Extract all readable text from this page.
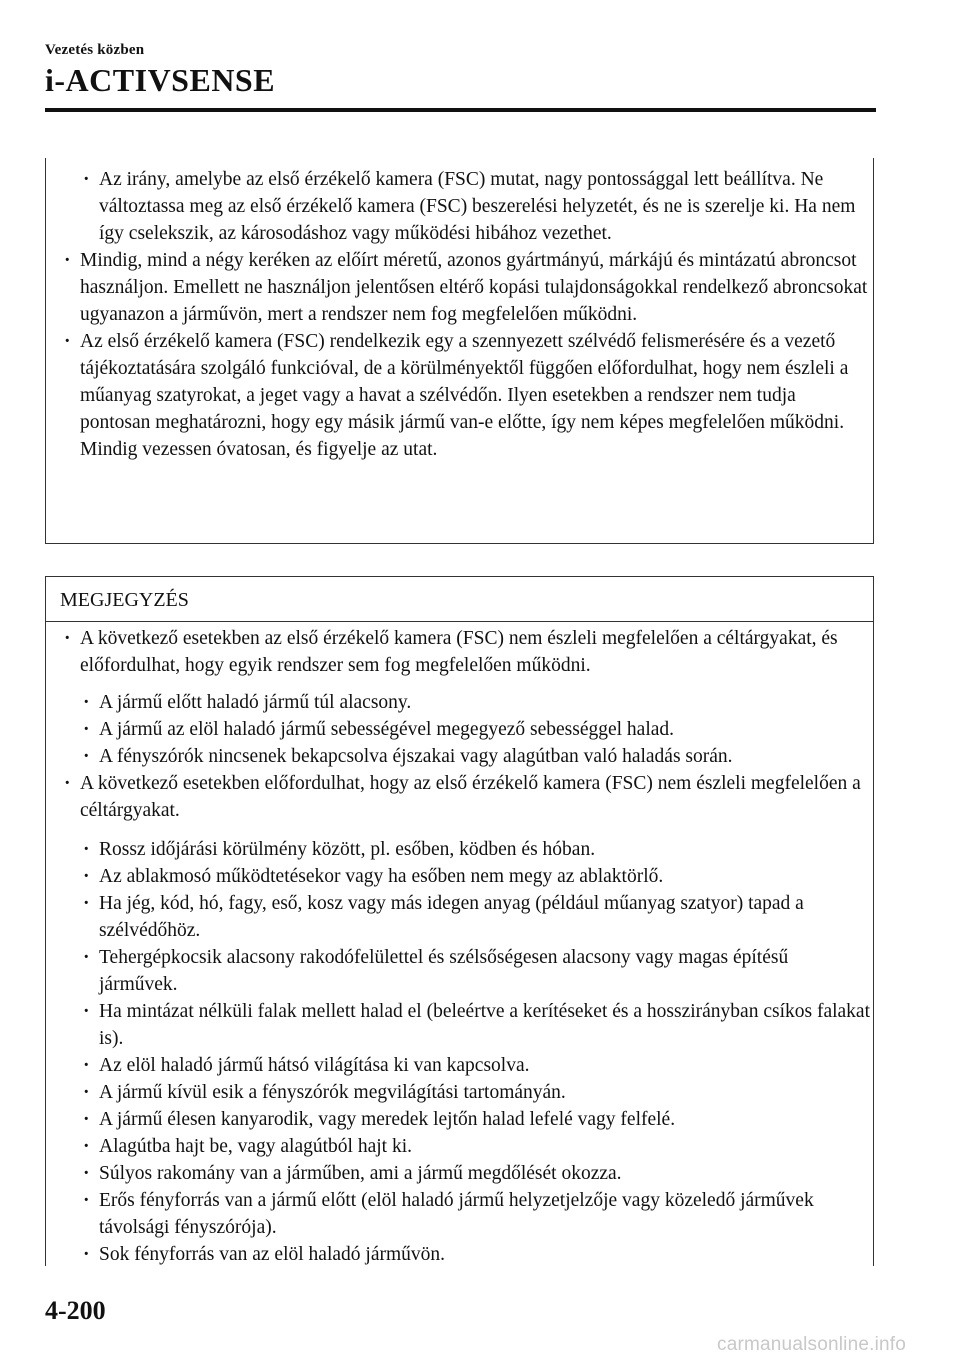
Vezetés közben
i-ACTIVSENSE
· Az irány, amelybe az első érzékelő kamera (FSC) mutat, nagy pontossággal lett beállítva. Ne változtassa meg az első érzékelő kamera (FSC) beszerelési helyzetét, és ne is szerelje ki. Ha nem így cselekszik, az károsodáshoz vagy működési hibához vezethet.
· Mindig, mind a négy keréken az előírt méretű, azonos gyártmányú, márkájú és mintázatú abroncsot használjon. Emellett ne használjon jelentősen eltérő kopási tulajdonságokkal rendelkező abroncsokat ugyanazon a járművön, mert a rendszer nem fog megfelelően működni.
· Az első érzékelő kamera (FSC) rendelkezik egy a szennyezett szélvédő felismerésére és a vezető tájékoztatására szolgáló funkcióval, de a körülményektől függően előfordulhat, hogy nem észleli a műanyag szatyrokat, a jeget vagy a havat a szélvédőn. Ilyen esetekben a rendszer nem tudja pontosan meghatározni, hogy egy másik jármű van-e előtte, így nem képes megfelelően működni. Mindig vezessen óvatosan, és figyelje az utat.
MEGJEGYZÉS
· A következő esetekben az első érzékelő kamera (FSC) nem észleli megfelelően a céltárgyakat, és előfordulhat, hogy egyik rendszer sem fog megfelelően működni.
· A jármű előtt haladó jármű túl alacsony.
· A jármű az elöl haladó jármű sebességével megegyező sebességgel halad.
· A fényszórók nincsenek bekapcsolva éjszakai vagy alagútban való haladás során.
· A következő esetekben előfordulhat, hogy az első érzékelő kamera (FSC) nem észleli megfelelően a céltárgyakat.
· Rossz időjárási körülmény között, pl. esőben, ködben és hóban.
· Az ablakmosó működtetésekor vagy ha esőben nem megy az ablaktörlő.
· Ha jég, kód, hó, fagy, eső, kosz vagy más idegen anyag (például műanyag szatyor) tapad a szélvédőhöz.
· Tehergépkocsik alacsony rakodófelülettel és szélsőségesen alacsony vagy magas építésű járművek.
· Ha mintázat nélküli falak mellett halad el (beleértve a kerítéseket és a hosszirányban csíkos falakat is).
· Az elöl haladó jármű hátsó világítása ki van kapcsolva.
· A jármű kívül esik a fényszórók megvilágítási tartományán.
· A jármű élesen kanyarodik, vagy meredek lejtőn halad lefelé vagy felfelé.
· Alagútba hajt be, vagy alagútból hajt ki.
· Súlyos rakomány van a járműben, ami a jármű megdőlését okozza.
· Erős fényforrás van a jármű előtt (elöl haladó jármű helyzetjelzője vagy közeledő járművek távolsági fényszórója).
· Sok fényforrás van az elöl haladó járművön.
4-200
carmanualsonline.info
